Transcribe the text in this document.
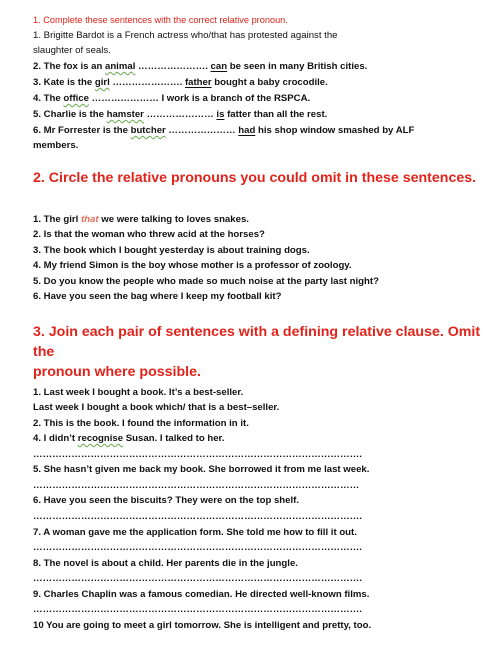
1. Complete these sentences with the correct relative pronoun.
1. Brigitte Bardot is a French actress who/that has protested against the
slaughter of seals.
2. The fox is an animal …………………. can be seen in many British cities.
3. Kate is the girl …………………. father bought a baby crocodile.
4. The office ………………… I work is a branch of the RSPCA.
5. Charlie is the hamster ………………… is fatter than all the rest.
6. Mr Forrester is the butcher ………………… had his shop window smashed by ALF
members.
2. Circle the relative pronouns you could omit in these sentences.
1. The girl that we were talking to loves snakes.
2. Is that the woman who threw acid at the horses?
3. The book which I bought yesterday is about training dogs.
4. My friend Simon is the boy whose mother is a professor of zoology.
5. Do you know the people who made so much noise at the party last night?
6. Have you seen the bag where I keep my football kit?
3. Join each pair of sentences with a defining relative clause. Omit
the
pronoun where possible.
1. Last week I bought a book. It’s a best-seller.
Last week I bought a book which/ that is a best–seller.
2. This is the book. I found the information in it.
4. I didn’t recognise Susan. I talked to her.
………………………………………………………………………………………….
5. She hasn’t given me back my book. She borrowed it from me last week.
…………………………………………………………………………………………
6. Have you seen the biscuits? They were on the top shelf.
………………………………………………………………………………………….
7. A woman gave me the application form. She told me how to fill it out.
………………………………………………………………………………………….
8. The novel is about a child. Her parents die in the jungle.
………………………………………………………………………………………….
9. Charles Chaplin was a famous comedian. He directed well-known films.
………………………………………………………………………………………….
10 You are going to meet a girl tomorrow. She is intelligent and pretty, too.
